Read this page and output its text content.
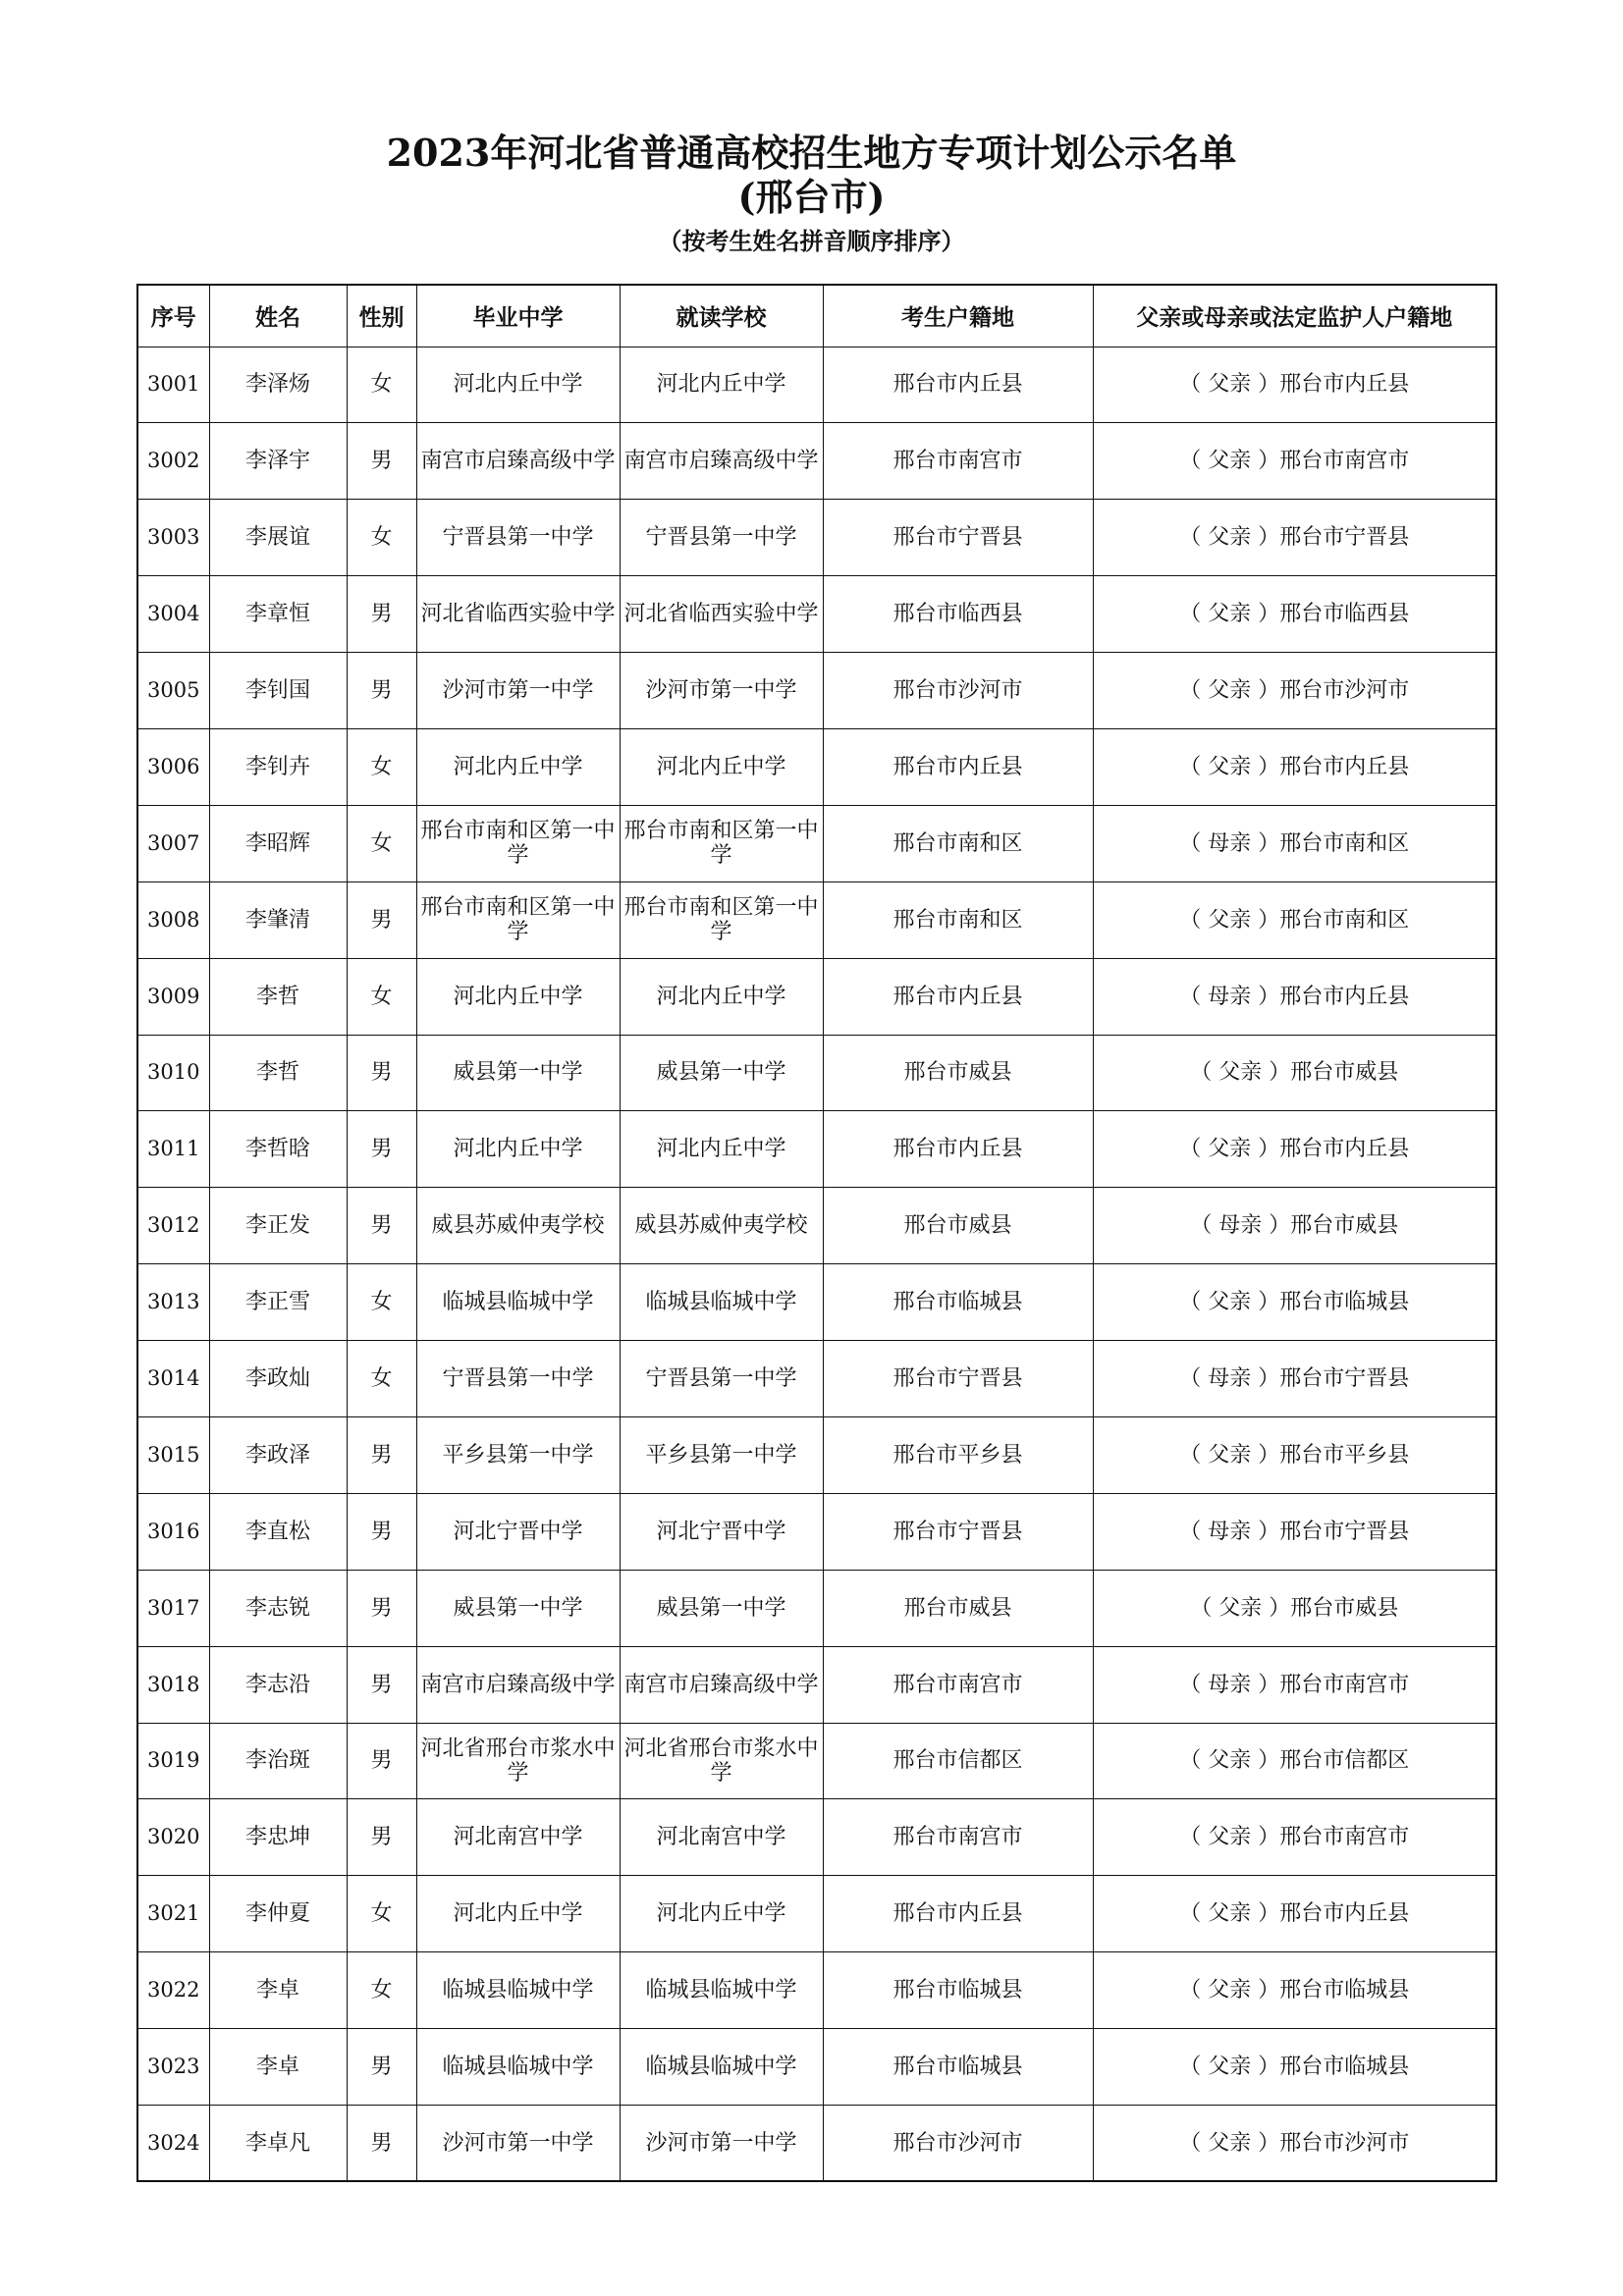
2023年河北省普通高校招生地方专项计划公示名单
(邢台市)
（按考生姓名拼音顺序排序）
序号	姓名	性别	毕业中学	就读学校	考生户籍地	父亲或母亲或法定监护人户籍地
3001	李泽炀	女	河北内丘中学	河北内丘中学	邢台市内丘县	（ 父亲 ）邢台市内丘县
3002	李泽宇	男	南宫市启臻高级中学	南宫市启臻高级中学	邢台市南宫市	（ 父亲 ）邢台市南宫市
3003	李展谊	女	宁晋县第一中学	宁晋县第一中学	邢台市宁晋县	（ 父亲 ）邢台市宁晋县
3004	李章恒	男	河北省临西实验中学	河北省临西实验中学	邢台市临西县	（ 父亲 ）邢台市临西县
3005	李钊国	男	沙河市第一中学	沙河市第一中学	邢台市沙河市	（ 父亲 ）邢台市沙河市
3006	李钊卉	女	河北内丘中学	河北内丘中学	邢台市内丘县	（ 父亲 ）邢台市内丘县
3007	李昭辉	女	邢台市南和区第一中学	邢台市南和区第一中学	邢台市南和区	（ 母亲 ）邢台市南和区
3008	李肇清	男	邢台市南和区第一中学	邢台市南和区第一中学	邢台市南和区	（ 父亲 ）邢台市南和区
3009	李哲	女	河北内丘中学	河北内丘中学	邢台市内丘县	（ 母亲 ）邢台市内丘县
3010	李哲	男	威县第一中学	威县第一中学	邢台市威县	（ 父亲 ）邢台市威县
3011	李哲晗	男	河北内丘中学	河北内丘中学	邢台市内丘县	（ 父亲 ）邢台市内丘县
3012	李正发	男	威县苏威仲夷学校	威县苏威仲夷学校	邢台市威县	（ 母亲 ）邢台市威县
3013	李正雪	女	临城县临城中学	临城县临城中学	邢台市临城县	（ 父亲 ）邢台市临城县
3014	李政灿	女	宁晋县第一中学	宁晋县第一中学	邢台市宁晋县	（ 母亲 ）邢台市宁晋县
3015	李政泽	男	平乡县第一中学	平乡县第一中学	邢台市平乡县	（ 父亲 ）邢台市平乡县
3016	李直松	男	河北宁晋中学	河北宁晋中学	邢台市宁晋县	（ 母亲 ）邢台市宁晋县
3017	李志锐	男	威县第一中学	威县第一中学	邢台市威县	（ 父亲 ）邢台市威县
3018	李志沿	男	南宫市启臻高级中学	南宫市启臻高级中学	邢台市南宫市	（ 母亲 ）邢台市南宫市
3019	李治斑	男	河北省邢台市浆水中学	河北省邢台市浆水中学	邢台市信都区	（ 父亲 ）邢台市信都区
3020	李忠坤	男	河北南宫中学	河北南宫中学	邢台市南宫市	（ 父亲 ）邢台市南宫市
3021	李仲夏	女	河北内丘中学	河北内丘中学	邢台市内丘县	（ 父亲 ）邢台市内丘县
3022	李卓	女	临城县临城中学	临城县临城中学	邢台市临城县	（ 父亲 ）邢台市临城县
3023	李卓	男	临城县临城中学	临城县临城中学	邢台市临城县	（ 父亲 ）邢台市临城县
3024	李卓凡	男	沙河市第一中学	沙河市第一中学	邢台市沙河市	（ 父亲 ）邢台市沙河市
